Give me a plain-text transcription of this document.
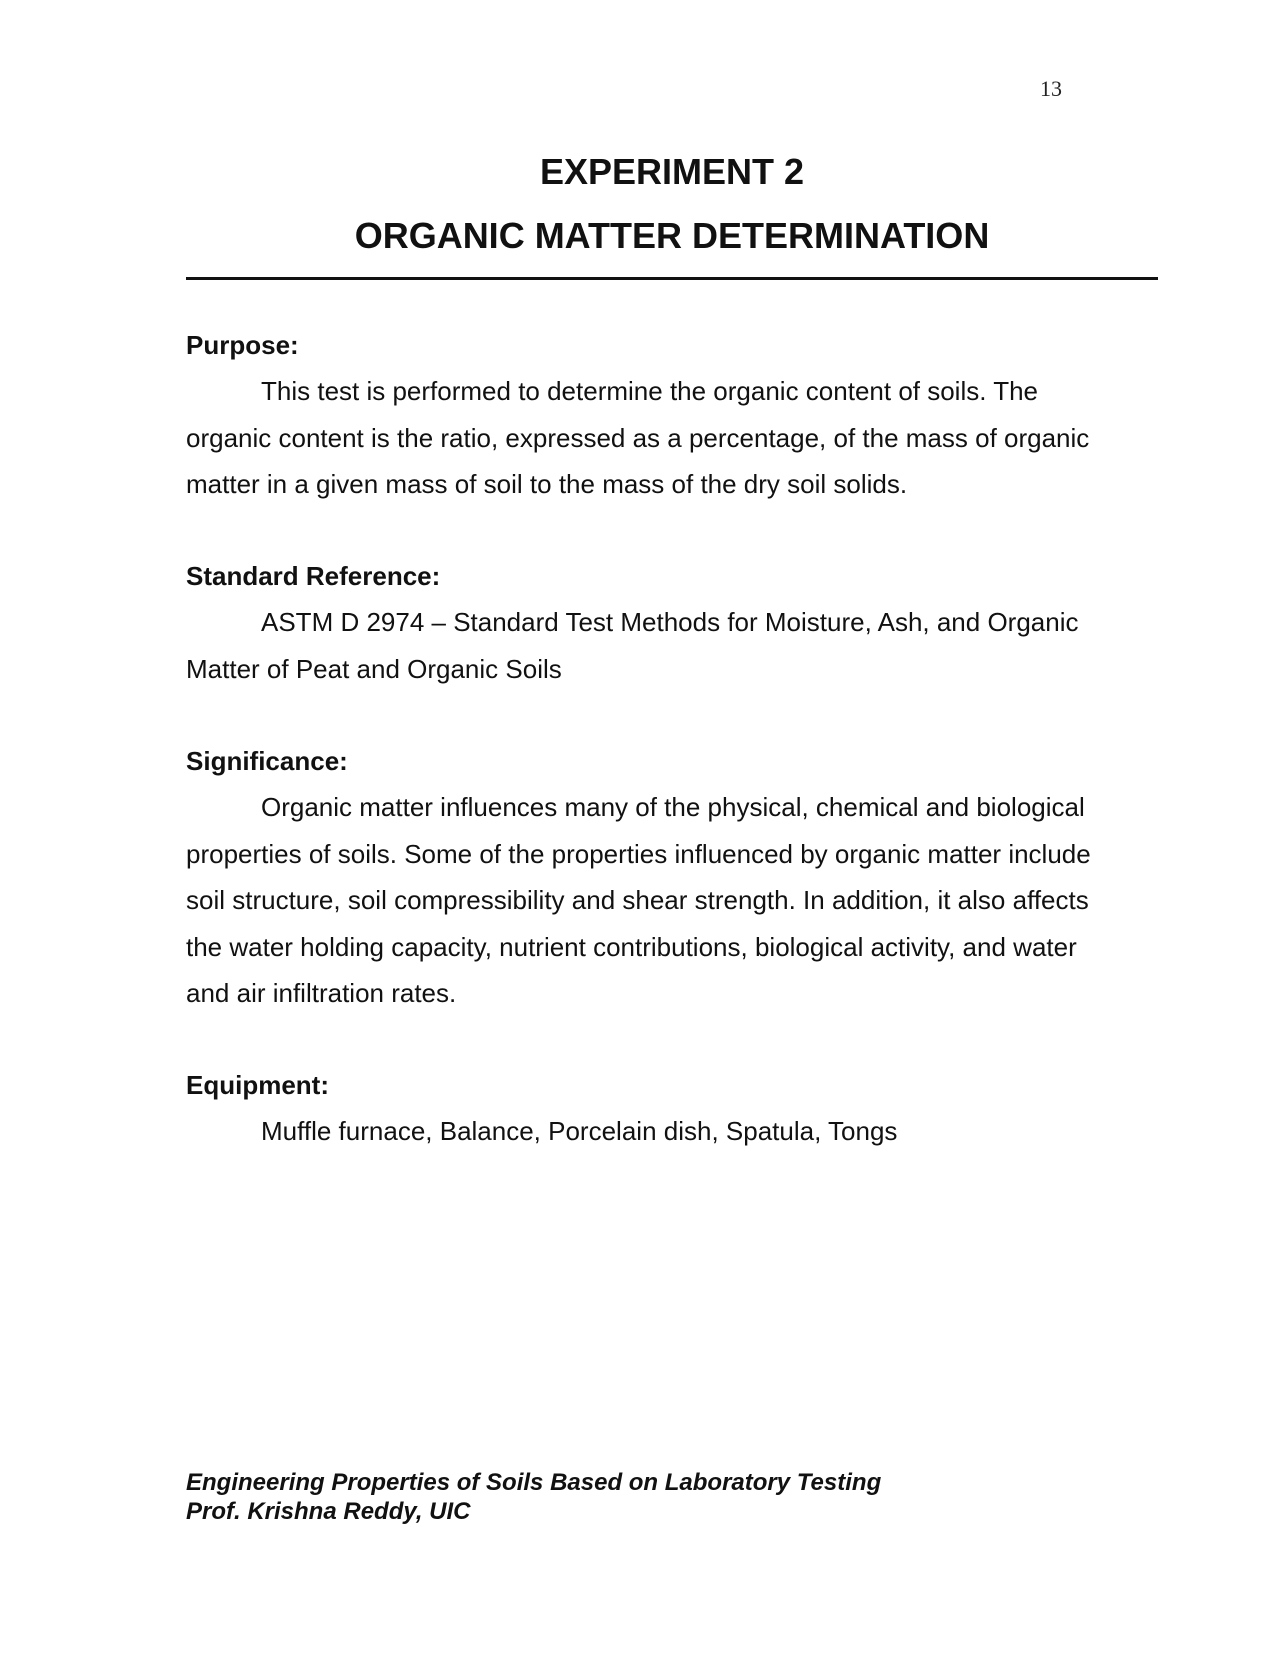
13

EXPERIMENT 2

ORGANIC MATTER DETERMINATION

Purpose:

This test is performed to determine the organic content of soils. The organic content is the ratio, expressed as a percentage, of the mass of organic matter in a given mass of soil to the mass of the dry soil solids.

Standard Reference:

ASTM D 2974 – Standard Test Methods for Moisture, Ash, and Organic Matter of Peat and Organic Soils

Significance:

Organic matter influences many of the physical, chemical and biological properties of soils. Some of the properties influenced by organic matter include soil structure, soil compressibility and shear strength. In addition, it also affects the water holding capacity, nutrient contributions, biological activity, and water and air infiltration rates.

Equipment:

Muffle furnace, Balance, Porcelain dish, Spatula, Tongs

Engineering Properties of Soils Based on Laboratory Testing
Prof. Krishna Reddy, UIC
